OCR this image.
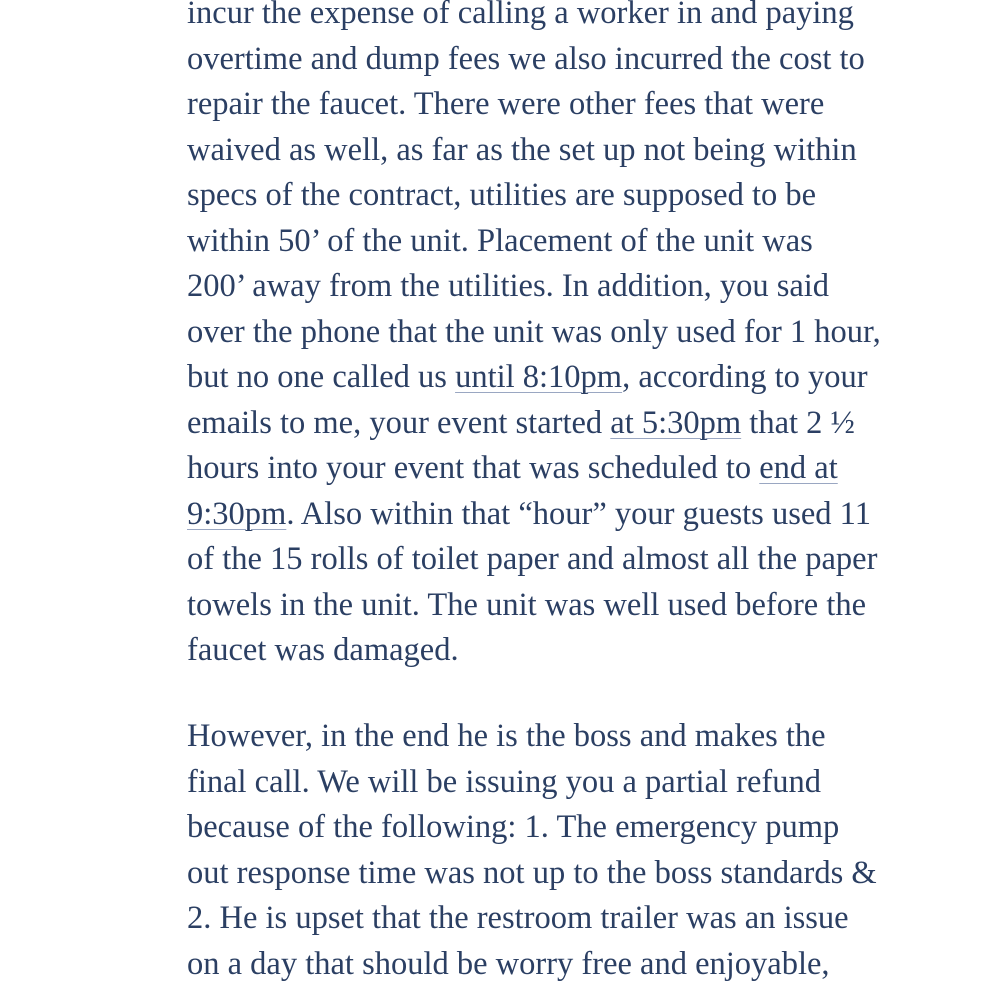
incur the expense of calling a worker in and paying
overtime and dump fees we also incurred the cost to
repair the faucet. There were other fees that were
waived as well, as far as the set up not being within
specs of the contract, utilities are supposed to be
within 50’ of the unit. Placement of the unit was
200’ away from the utilities. In addition, you said
over the phone that the unit was only used for 1 hour,
but no one called us until 8:10pm, according to your
emails to me, your event started at 5:30pm that 2 ½
hours into your event that was scheduled to end at
9:30pm. Also within that “hour” your guests used 11
of the 15 rolls of toilet paper and almost all the paper
towels in the unit. The unit was well used before the
faucet was damaged.
However, in the end he is the boss and makes the
final call. We will be issuing you a partial refund
because of the following: 1. The emergency pump
out response time was not up to the boss standards &
2. He is upset that the restroom trailer was an issue
on a day that should be worry free and enjoyable,
